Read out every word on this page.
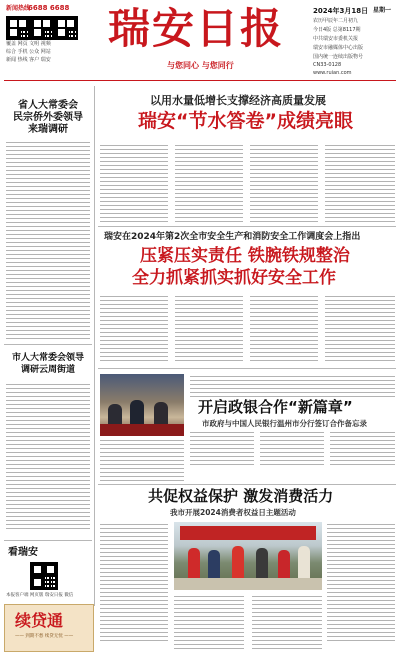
新闻热线
6688 6688
覆盖 网页 文明 视频
综合 手机 公众 网站
新闻 热线 客户 瑞安
瑞安日报
与您同心 与您同行
2024年3月18日 星期一
农历甲辰年二月初九
今日4版 总第8117期
中共瑞安市委机关报
瑞安市融媒体中心出版
国内统一连续出版物号
CN33-0128
www.ruian.com
省人大常委会
民宗侨外委领导
来瑞调研
市人大常委会领导
调研云周街道
看瑞安
本报客户端 网页版 瑞安日报 微信
续贷通
—— 到期不愁 续贷无忧 ——
以用水量低增长支撑经济高质量发展
瑞安“节水答卷”成绩亮眼
瑞安在2024年第2次全市安全生产和消防安全工作调度会上指出
压紧压实责任 铁腕铁规整治
全力抓紧抓实抓好安全工作
开启政银合作“新篇章”
市政府与中国人民银行温州市分行签订合作备忘录
共促权益保护 激发消费活力
我市开展2024消费者权益日主题活动
